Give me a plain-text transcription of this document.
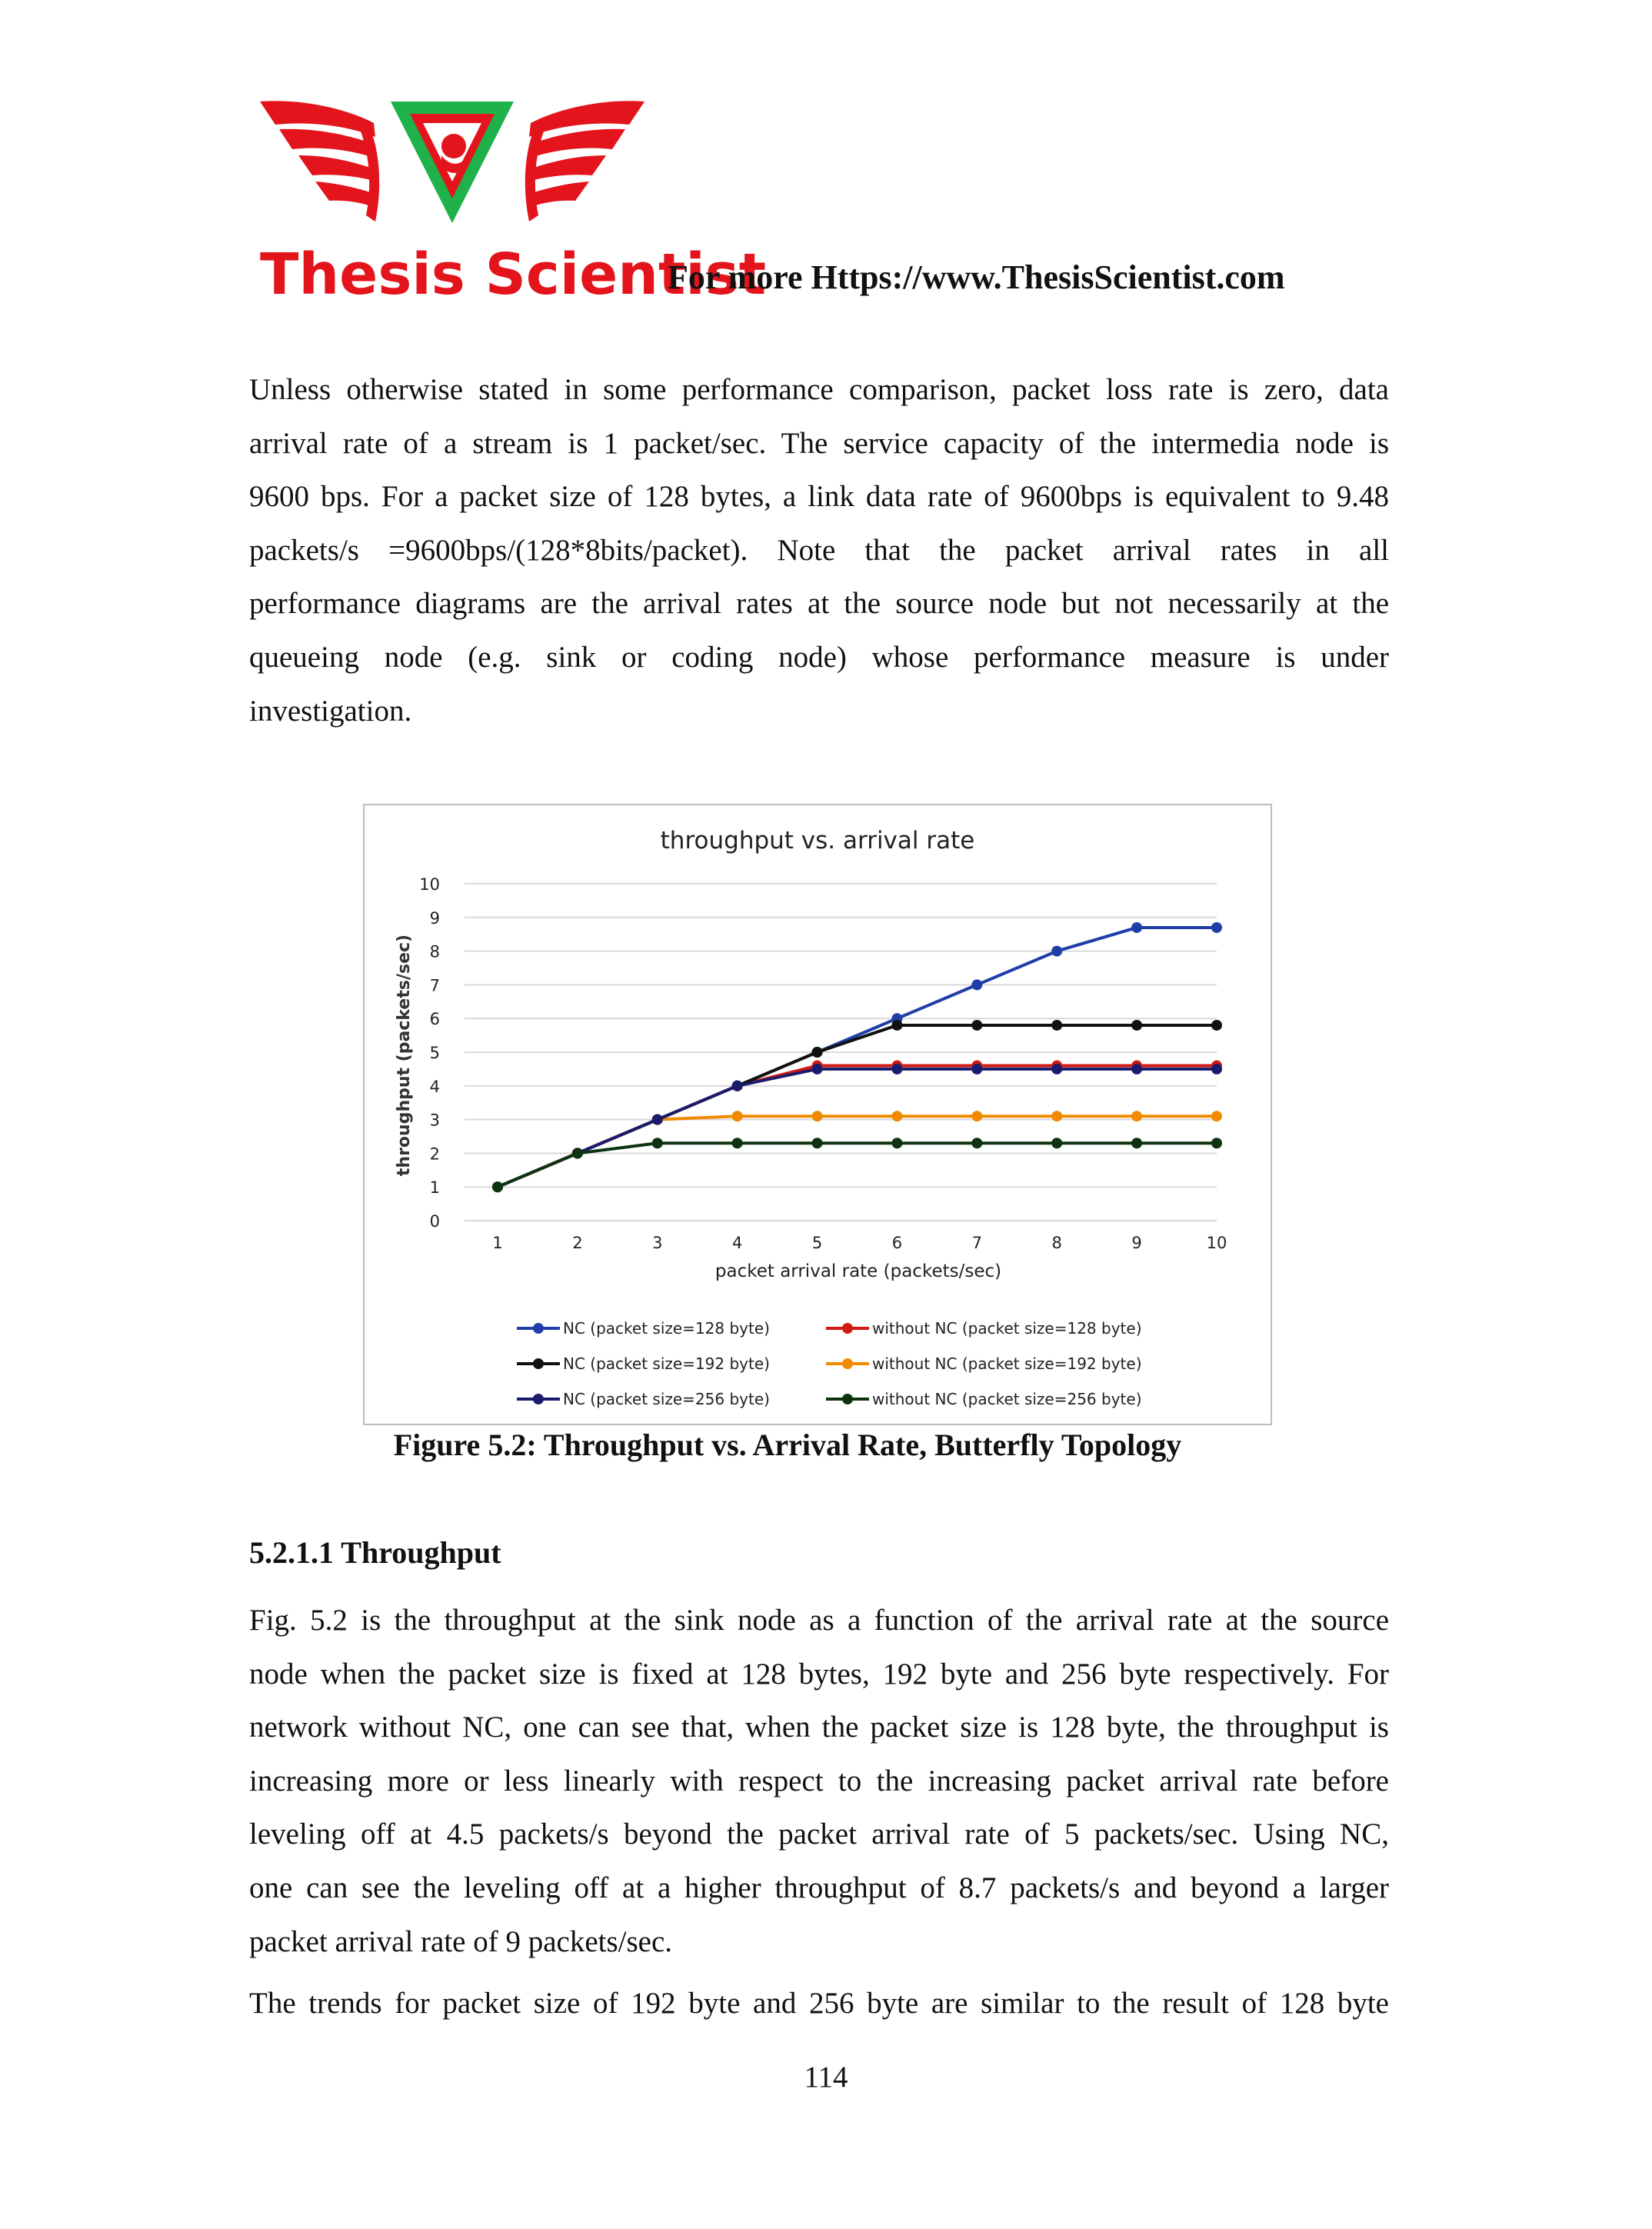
Thesis Scientist
For more Https://www.ThesisScientist.com
Unless otherwise stated in some performance comparison, packet loss rate is zero, data
arrival rate of a stream is 1 packet/sec. The service capacity of the intermedia node is
9600 bps. For a packet size of 128 bytes, a link data rate of 9600bps is equivalent to 9.48
packets/s =9600bps/(128*8bits/packet). Note that the packet arrival rates in all
performance diagrams are the arrival rates at the source node but not necessarily at the
queueing node (e.g. sink or coding node) whose performance measure is under
investigation.
throughput vs. arrival rate
packet arrival rate (packets/sec)
throughput (packets/sec)
0
1
2
3
4
5
6
7
8
9
10
1	2	3	4	5	6	7	8	9	10
NC (packet size=128 byte)	without NC (packet size=128 byte)
NC (packet size=192 byte)	without NC (packet size=192 byte)
NC (packet size=256 byte)	without NC (packet size=256 byte)
Figure 5.2: Throughput vs. Arrival Rate, Butterfly Topology
5.2.1.1 Throughput
Fig. 5.2 is the throughput at the sink node as a function of the arrival rate at the source
node when the packet size is fixed at 128 bytes, 192 byte and 256 byte respectively. For
network without NC, one can see that, when the packet size is 128 byte, the throughput is
increasing more or less linearly with respect to the increasing packet arrival rate before
leveling off at 4.5 packets/s beyond the packet arrival rate of 5 packets/sec. Using NC,
one can see the leveling off at a higher throughput of 8.7 packets/s and beyond a larger
packet arrival rate of 9 packets/sec.
The trends for packet size of 192 byte and 256 byte are similar to the result of 128 byte
114
